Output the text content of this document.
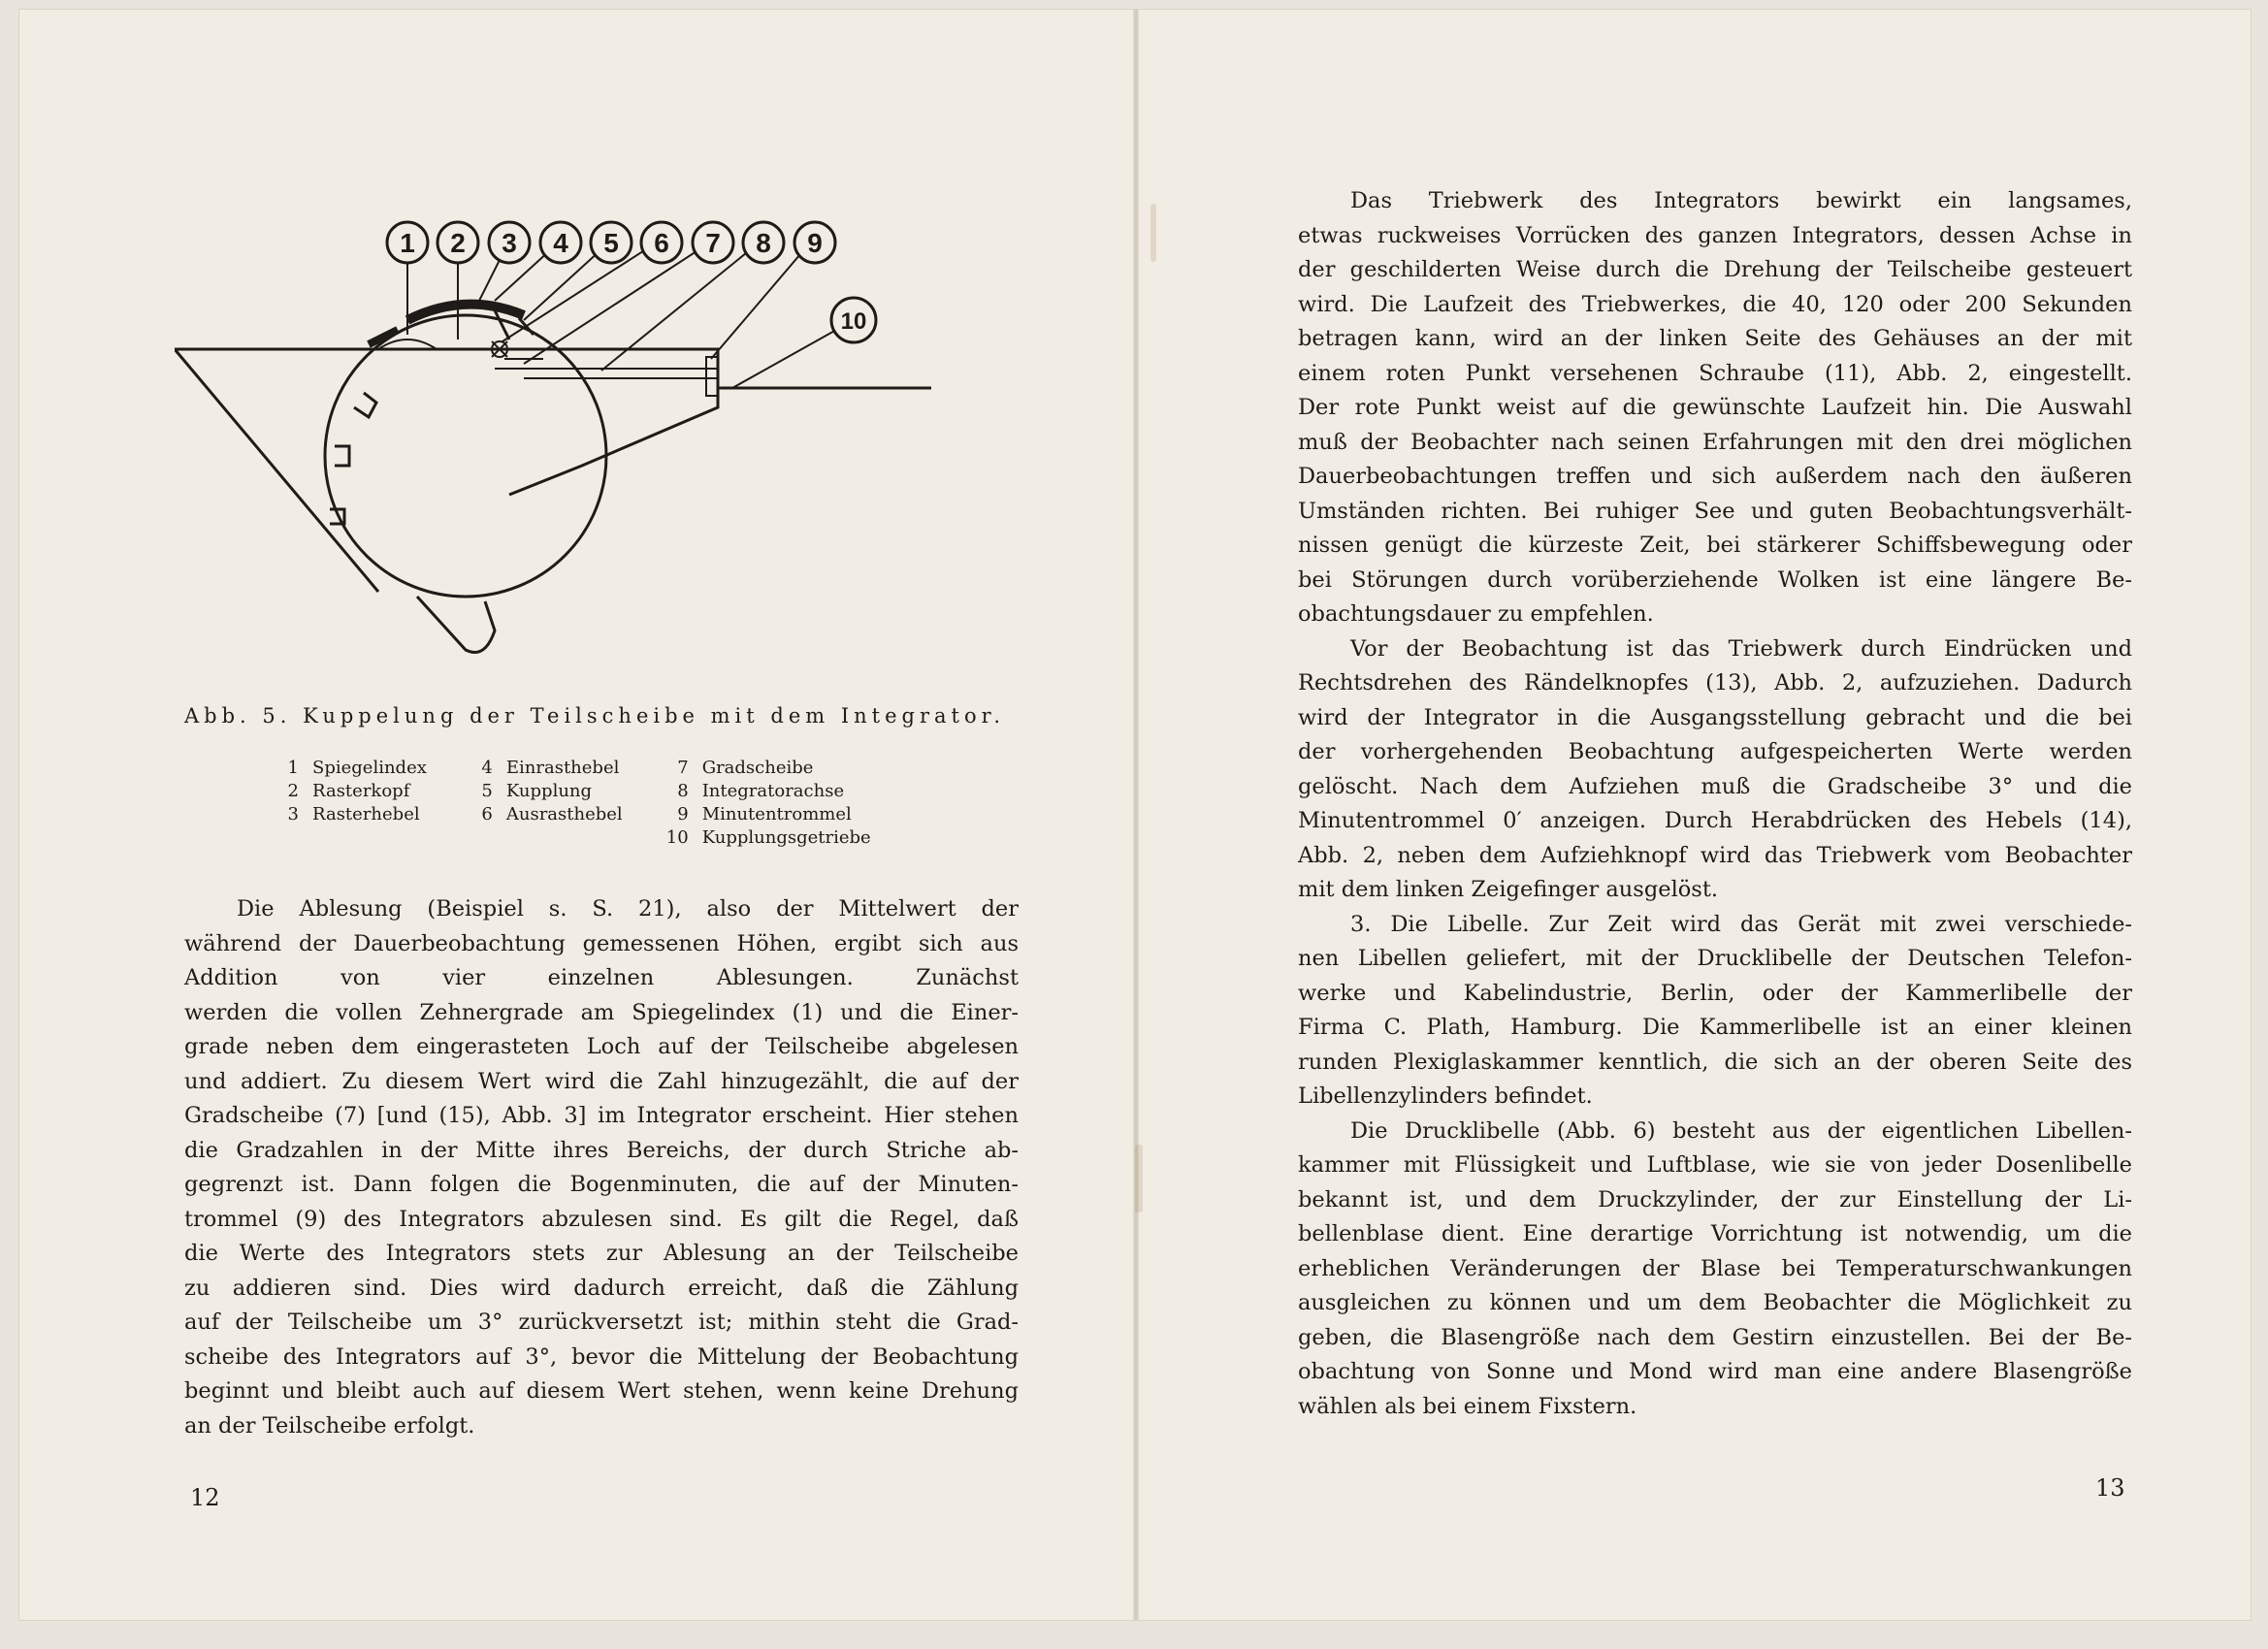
1 2 3 4 5 6 7 8 9
10
Abb. 5. Kuppelung der Teilscheibe mit dem Integrator.
1 Spiegelindex
2 Rasterkopf
3 Rasterhebel
4 Einrasthebel
5 Kupplung
6 Ausrasthebel
7 Gradscheibe
8 Integratorachse
9 Minutentrommel
10 Kupplungsgetriebe
Die Ablesung (Beispiel s. S. 21), also der Mittelwert der
während der Dauerbeobachtung gemessenen Höhen, ergibt sich aus
Addition von vier einzelnen Ablesungen. Zunächst
werden die vollen Zehnergrade am Spiegelindex (1) und die Einer-
grade neben dem eingerasteten Loch auf der Teilscheibe abgelesen
und addiert. Zu diesem Wert wird die Zahl hinzugezählt, die auf der
Gradscheibe (7) [und (15), Abb. 3] im Integrator erscheint. Hier stehen
die Gradzahlen in der Mitte ihres Bereichs, der durch Striche ab-
gegrenzt ist. Dann folgen die Bogenminuten, die auf der Minuten-
trommel (9) des Integrators abzulesen sind. Es gilt die Regel, daß
die Werte des Integrators stets zur Ablesung an der Teilscheibe
zu addieren sind. Dies wird dadurch erreicht, daß die Zählung
auf der Teilscheibe um 3° zurückversetzt ist; mithin steht die Grad-
scheibe des Integrators auf 3°, bevor die Mittelung der Beobachtung
beginnt und bleibt auch auf diesem Wert stehen, wenn keine Drehung
an der Teilscheibe erfolgt.
12
Das Triebwerk des Integrators bewirkt ein langsames,
etwas ruckweises Vorrücken des ganzen Integrators, dessen Achse in
der geschilderten Weise durch die Drehung der Teilscheibe gesteuert
wird. Die Laufzeit des Triebwerkes, die 40, 120 oder 200 Sekunden
betragen kann, wird an der linken Seite des Gehäuses an der mit
einem roten Punkt versehenen Schraube (11), Abb. 2, eingestellt.
Der rote Punkt weist auf die gewünschte Laufzeit hin. Die Auswahl
muß der Beobachter nach seinen Erfahrungen mit den drei möglichen
Dauerbeobachtungen treffen und sich außerdem nach den äußeren
Umständen richten. Bei ruhiger See und guten Beobachtungsverhält-
nissen genügt die kürzeste Zeit, bei stärkerer Schiffsbewegung oder
bei Störungen durch vorüberziehende Wolken ist eine längere Be-
obachtungsdauer zu empfehlen.
Vor der Beobachtung ist das Triebwerk durch Eindrücken und
Rechtsdrehen des Rändelknopfes (13), Abb. 2, aufzuziehen. Dadurch
wird der Integrator in die Ausgangsstellung gebracht und die bei
der vorhergehenden Beobachtung aufgespeicherten Werte werden
gelöscht. Nach dem Aufziehen muß die Gradscheibe 3° und die
Minutentrommel 0′ anzeigen. Durch Herabdrücken des Hebels (14),
Abb. 2, neben dem Aufziehknopf wird das Triebwerk vom Beobachter
mit dem linken Zeigefinger ausgelöst.
3. Die Libelle. Zur Zeit wird das Gerät mit zwei verschiede-
nen Libellen geliefert, mit der Drucklibelle der Deutschen Telefon-
werke und Kabelindustrie, Berlin, oder der Kammerlibelle der
Firma C. Plath, Hamburg. Die Kammerlibelle ist an einer kleinen
runden Plexiglaskammer kenntlich, die sich an der oberen Seite des
Libellenzylinders befindet.
Die Drucklibelle (Abb. 6) besteht aus der eigentlichen Libellen-
kammer mit Flüssigkeit und Luftblase, wie sie von jeder Dosenlibelle
bekannt ist, und dem Druckzylinder, der zur Einstellung der Li-
bellenblase dient. Eine derartige Vorrichtung ist notwendig, um die
erheblichen Veränderungen der Blase bei Temperaturschwankungen
ausgleichen zu können und um dem Beobachter die Möglichkeit zu
geben, die Blasengröße nach dem Gestirn einzustellen. Bei der Be-
obachtung von Sonne und Mond wird man eine andere Blasengröße
wählen als bei einem Fixstern.
13
